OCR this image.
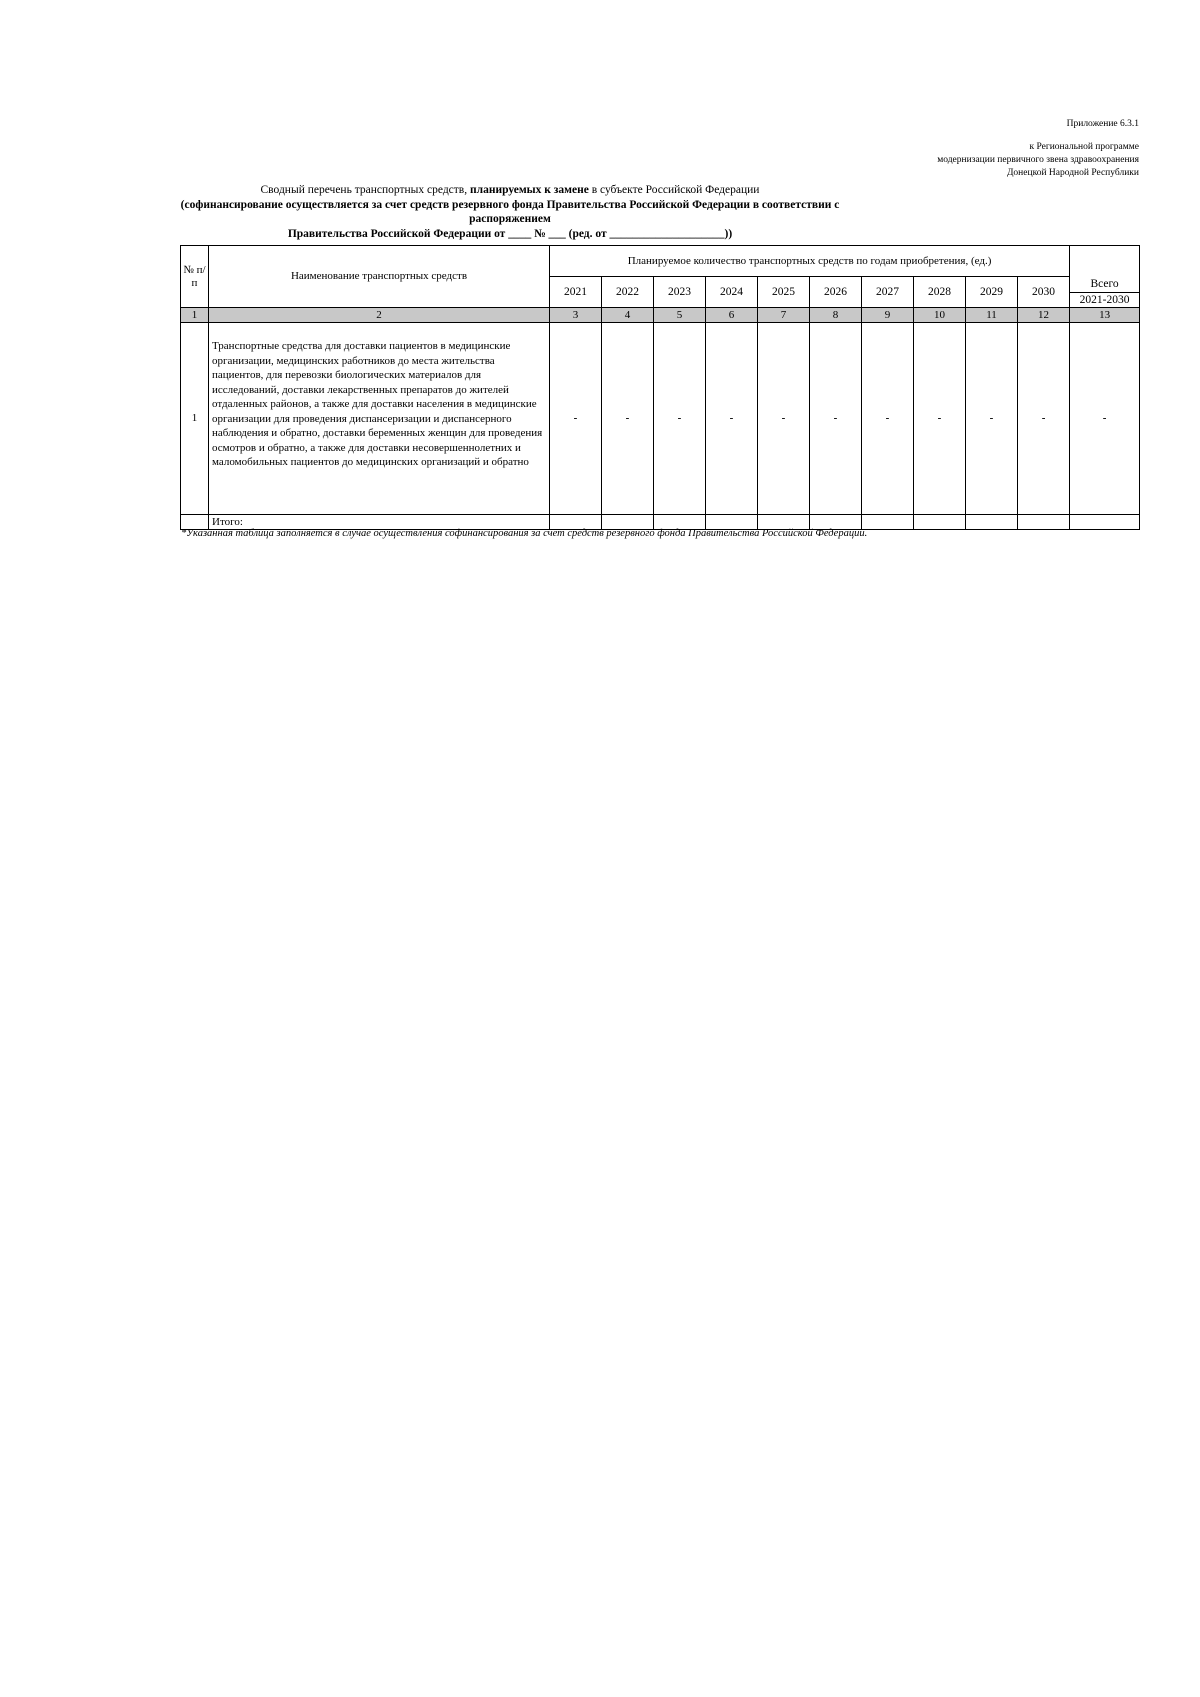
Приложение 6.3.1
к Региональной программе
модернизации первичного звена здравоохранения
Донецкой Народной Республики
Сводный перечень транспортных средств, планируемых к замене в субъекте Российской Федерации
(софинансирование осуществляется за счет средств резервного фонда Правительства Российской Федерации в соответствии с распоряжением
Правительства Российской Федерации от ____ № ___ (ред. от ____________________))
№ п/п	Наименование транспортных средств	Планируемое количество транспортных средств по годам приобретения, (ед.)										
		2021	2022	2023	2024	2025	2026	2027	2028	2029	2030	Всего
2021-2030

1	2	3	4	5	6	7	8	9	10	11	12	13
1	Транспортные средства для доставки пациентов в медицинские организации, медицинских работников до места жительства пациентов, для перевозки биологических материалов для исследований, доставки лекарственных препаратов до жителей отдаленных районов, а также для доставки населения в медицинские организации для проведения диспансеризации и диспансерного наблюдения и обратно, доставки беременных женщин для проведения осмотров и обратно, а также для доставки несовершеннолетних и маломобильных пациентов до медицинских организаций и обратно	-	-	-	-	-	-	-	-	-	-	-
	Итого:											
*Указанная таблица заполняется в случае осуществления софинансирования за счет средств резервного фонда Правительства Российской Федерации.
